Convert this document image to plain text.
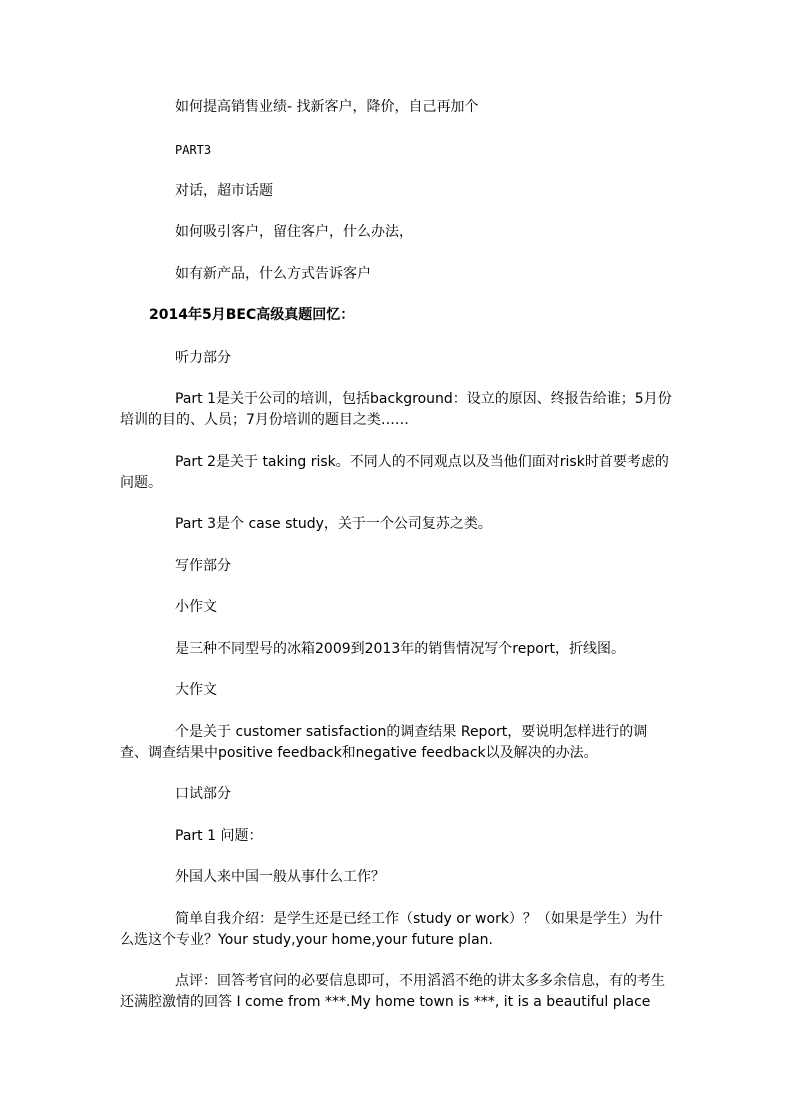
如何提高销售业绩- 找新客户，降价，自己再加个
PART3
对话，超市话题
如何吸引客户，留住客户，什么办法，
如有新产品，什么方式告诉客户
2014年5月BEC高级真题回忆：
听力部分
Part 1是关于公司的培训，包括background：设立的原因、终报告给谁；5月份培训的目的、人员；7月份培训的题目之类……
Part 2是关于 taking risk。不同人的不同观点以及当他们面对risk时首要考虑的问题。
Part 3是个 case study，关于一个公司复苏之类。
写作部分
小作文
是三种不同型号的冰箱2009到2013年的销售情况写个report，折线图。
大作文
个是关于 customer satisfaction的调查结果 Report，要说明怎样进行的调查、调查结果中positive feedback和negative feedback以及解决的办法。
口试部分
Part 1 问题：
外国人来中国一般从事什么工作？
简单自我介绍：是学生还是已经工作（study or work）？（如果是学生）为什么选这个专业？Your study,your home,your future plan.
点评：回答考官问的必要信息即可，不用滔滔不绝的讲太多多余信息，有的考生还满腔激情的回答 I come from ***.My home town is ***, it is a beautiful place
